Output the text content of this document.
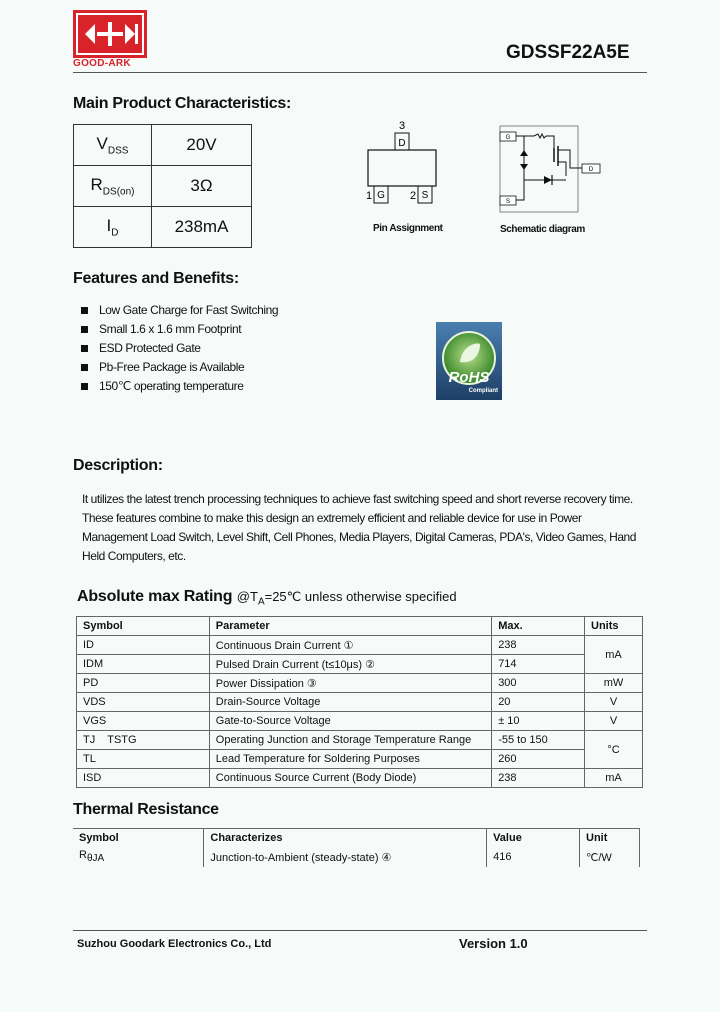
GOOD-ARK
GDSSF22A5E
Main Product Characteristics:
$V_{DSS}$	20V
$R_{DS(on)}$	3Ω
$I_D$	238mA
3
D
1 G 2 S
Pin Assignment
G
S
D
Schematic diagram
Features and Benefits:
Low Gate Charge for Fast Switching
Small 1.6 x 1.6 mm Footprint
ESD Protected Gate
Pb-Free Package is Available
150℃ operating temperature	RoHS
Compliant
Description:
It utilizes the latest trench processing techniques to achieve fast switching speed and short reverse recovery time. These features combine to make this design an extremely efficient and reliable device for use in Power Management Load Switch, Level Shift, Cell Phones, Media Players, Digital Cameras, PDA's, Video Games, Hand Held Computers, etc.
Absolute max Rating $@T_A=25℃$ unless otherwise specified
Symbol	Parameter	Max.	Units
ID	Continuous Drain Current ①	238	mA
IDM	Pulsed Drain Current (t≤10μs) ②	714	
PD	Power Dissipation ③	300	mW
VDS	Drain-Source Voltage	20	V
VGS	Gate-to-Source Voltage	± 10	V
TJ    TSTG	Operating Junction and Storage Temperature Range	-55 to 150	°C
TL	Lead Temperature for Soldering Purposes	260	
ISD	Continuous Source Current (Body Diode)	238	mA
Thermal Resistance
Symbol	Characterizes	Value	Unit
$R_{\theta JA}$	Junction-to-Ambient (steady-state) ④	416	℃/W
Suzhou Goodark Electronics Co., Ltd	Version 1.0
